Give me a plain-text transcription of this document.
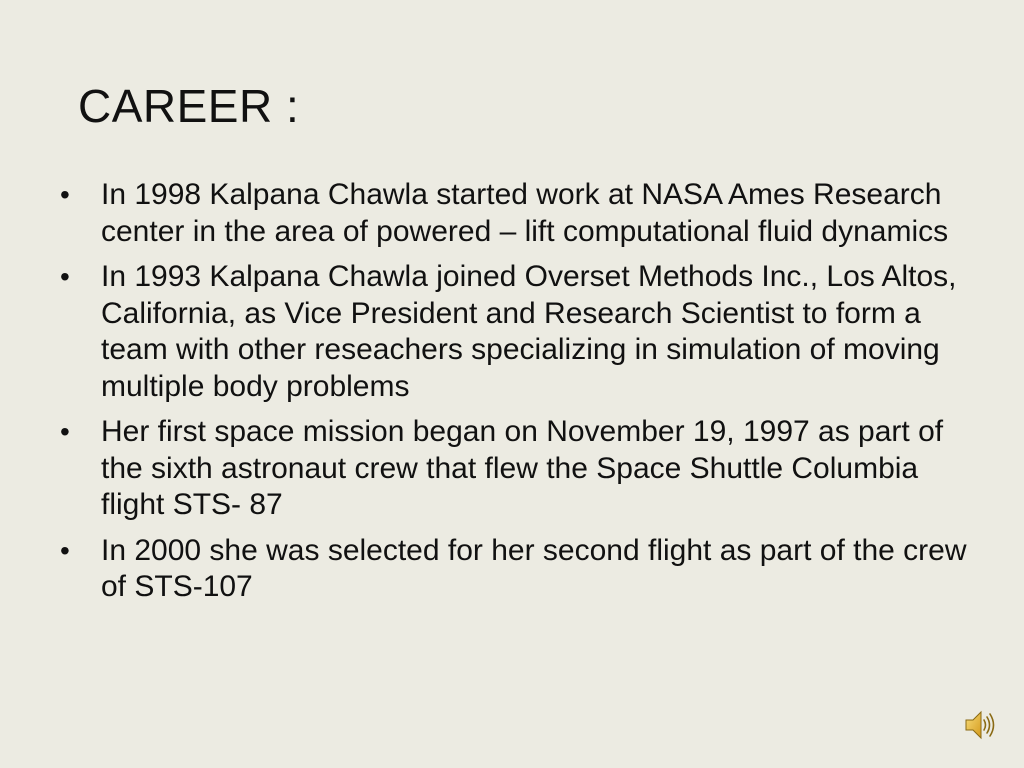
CAREER :
• In 1998 Kalpana Chawla started work at NASA Ames Research center in the area of powered – lift computational fluid dynamics
• In 1993 Kalpana Chawla joined Overset Methods Inc., Los Altos, California, as Vice President and Research Scientist to form a team with other reseachers specializing in simulation of moving multiple body problems
• Her first space mission began on November 19, 1997 as part of the sixth astronaut crew that flew the Space Shuttle Columbia flight STS- 87
• In 2000 she was selected for her second flight as part of the crew of STS-107
